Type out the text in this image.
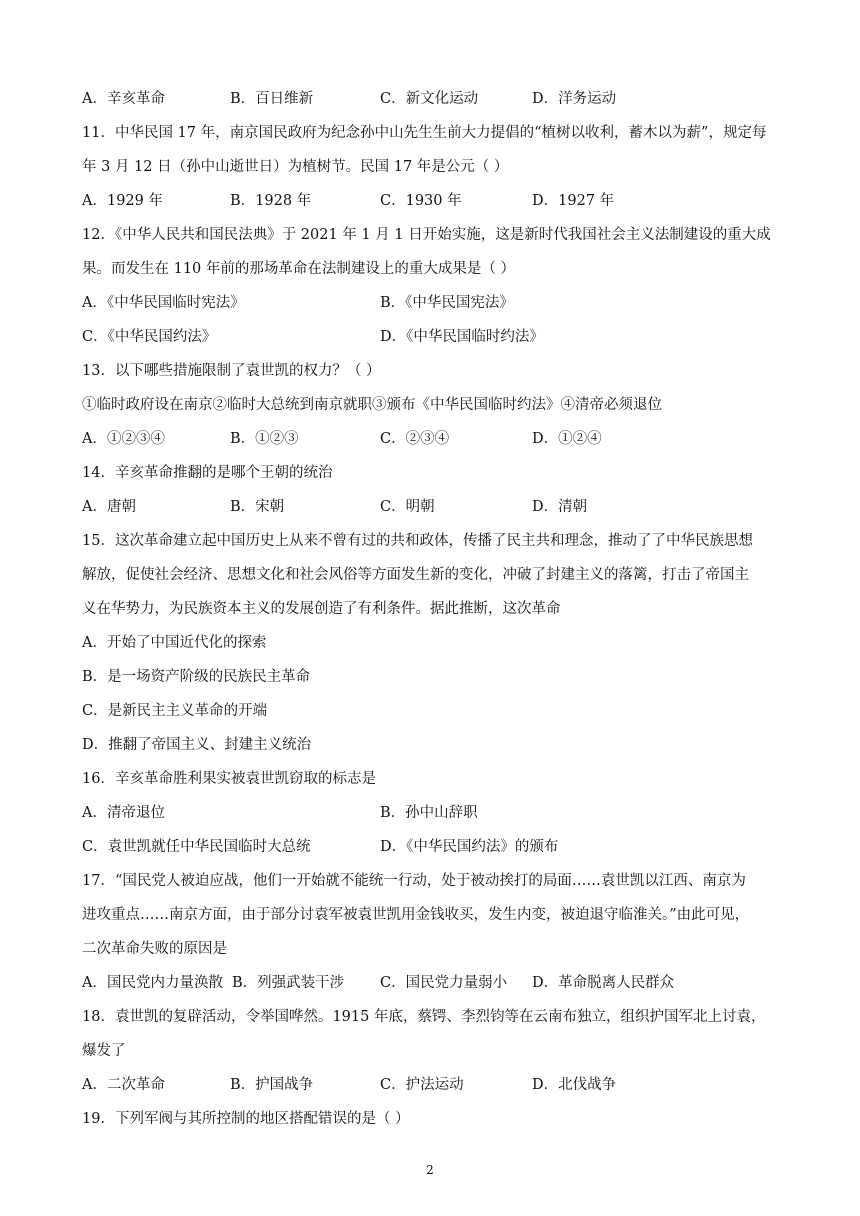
A．辛亥革命	B．百日维新	C．新文化运动	D．洋务运动
11．中华民国 17 年，南京国民政府为纪念孙中山先生生前大力提倡的“植树以收利，蓄木以为薪”，规定每
年 3 月 12 日（孙中山逝世日）为植树节。民国 17 年是公元（ ）
A．1929 年	B．1928 年	C．1930 年	D．1927 年
12．《中华人民共和国民法典》于 2021 年 1 月 1 日开始实施，这是新时代我国社会主义法制建设的重大成
果。而发生在 110 年前的那场革命在法制建设上的重大成果是（ ）
A．《中华民国临时宪法》	B．《中华民国宪法》
C．《中华民国约法》	D．《中华民国临时约法》
13．以下哪些措施限制了袁世凯的权力？（ ）
①临时政府设在南京②临时大总统到南京就职③颁布《中华民国临时约法》④清帝必须退位
A．①②③④	B．①②③	C．②③④	D．①②④
14．辛亥革命推翻的是哪个王朝的统治
A．唐朝	B．宋朝	C．明朝	D．清朝
15．这次革命建立起中国历史上从来不曾有过的共和政体，传播了民主共和理念，推动了了中华民族思想
解放，促使社会经济、思想文化和社会风俗等方面发生新的变化，冲破了封建主义的落篱，打击了帝国主
义在华势力，为民族资本主义的发展创造了有利条件。据此推断，这次革命
A．开始了中国近代化的探索
B．是一场资产阶级的民族民主革命
C．是新民主主义革命的开端
D．推翻了帝国主义、封建主义统治
16．辛亥革命胜利果实被袁世凯窃取的标志是
A．清帝退位	B．孙中山辞职
C．袁世凯就任中华民国临时大总统	D．《中华民国约法》的颁布
17．“国民党人被迫应战，他们一开始就不能统一行动，处于被动挨打的局面……袁世凯以江西、南京为
进攻重点……南京方面，由于部分讨袁军被袁世凯用金钱收买，发生内变，被迫退守临淮关。”由此可见，
二次革命失败的原因是
A．国民党内力量涣散 B．列强武装干涉 C．国民党力量弱小 D．革命脱离人民群众
18．袁世凯的复辟活动，令举国哗然。1915 年底，蔡锷、李烈钧等在云南布独立，组织护国军北上讨袁，
爆发了
A．二次革命	B．护国战争	C．护法运动	D．北伐战争
19．下列军阀与其所控制的地区搭配错误的是（ ）
2
